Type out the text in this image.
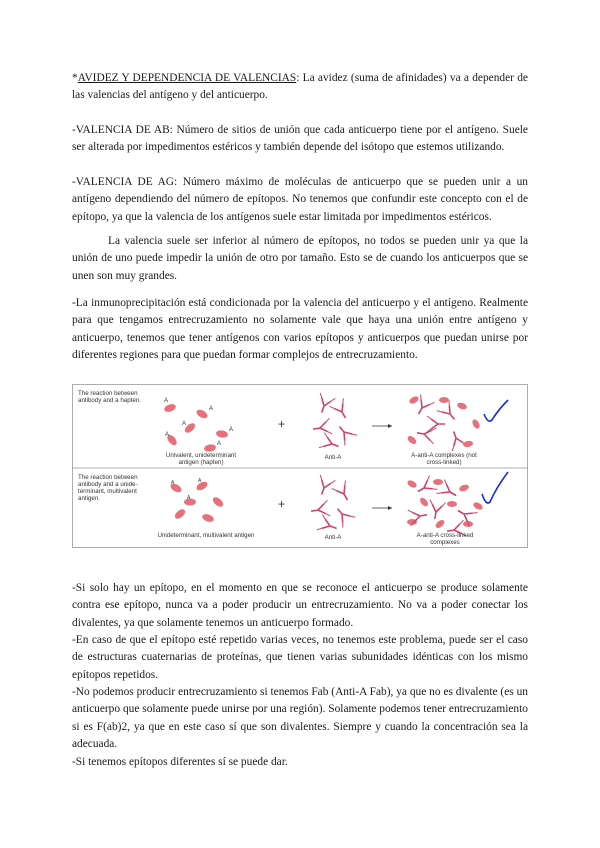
*AVIDEZ Y DEPENDENCIA DE VALENCIAS: La avidez (suma de afinidades) va a depender de las valencias del antígeno y del anticuerpo.

-VALENCIA DE AB: Número de sitios de unión que cada anticuerpo tiene por el antígeno. Suele ser alterada por impedimentos estéricos y también depende del isótopo que estemos utilizando.

-VALENCIA DE AG: Número máximo de moléculas de anticuerpo que se pueden unir a un antígeno dependiendo del número de epítopos. No tenemos que confundir este concepto con el de epítopo, ya que la valencia de los antígenos suele estar limitada por impedimentos estéricos.

La valencia suele ser inferior al número de epítopos, no todos se pueden unir ya que la unión de uno puede impedir la unión de otro por tamaño. Esto se de cuando los anticuerpos que se unen son muy grandes.

-La inmunoprecipitación está condicionada por la valencia del anticuerpo y el antígeno. Realmente para que tengamos entrecruzamiento no solamente vale que haya una unión entre antígeno y anticuerpo, tenemos que tener antígenos con varios epítopos y anticuerpos que puedan unirse por diferentes regiones para que puedan formar complejos de entrecruzamiento.

A
A
A
A
A
A
+
A	A
A	+
The reaction between antibody and a hapten.
Univalent, unideterminant antigen (hapten)
Anti-A	A-anti-A complexes (not cross-linked)
The reaction between antibody and a unide-terminant, multivalent antigen.
Unideterminant, multivalent antigen	Anti-A	A-anti-A cross-linked complexes

-Si solo hay un epítopo, en el momento en que se reconoce el anticuerpo se produce solamente contra ese epítopo, nunca va a poder producir un entrecruzamiento. No va a poder conectar los divalentes, ya que solamente tenemos un anticuerpo formado.

-En caso de que el epítopo esté repetido varias veces, no tenemos este problema, puede ser el caso de estructuras cuaternarias de proteínas, que tienen varias subunidades idénticas con los mismo epítopos repetidos.

-No podemos producir entrecruzamiento si tenemos Fab (Anti-A Fab), ya que no es divalente (es un anticuerpo que solamente puede unirse por una región). Solamente podemos tener entrecruzamiento si es F(ab)2, ya que en este caso sí que son divalentes. Siempre y cuando la concentración sea la adecuada.

-Si tenemos epítopos diferentes sí se puede dar.
